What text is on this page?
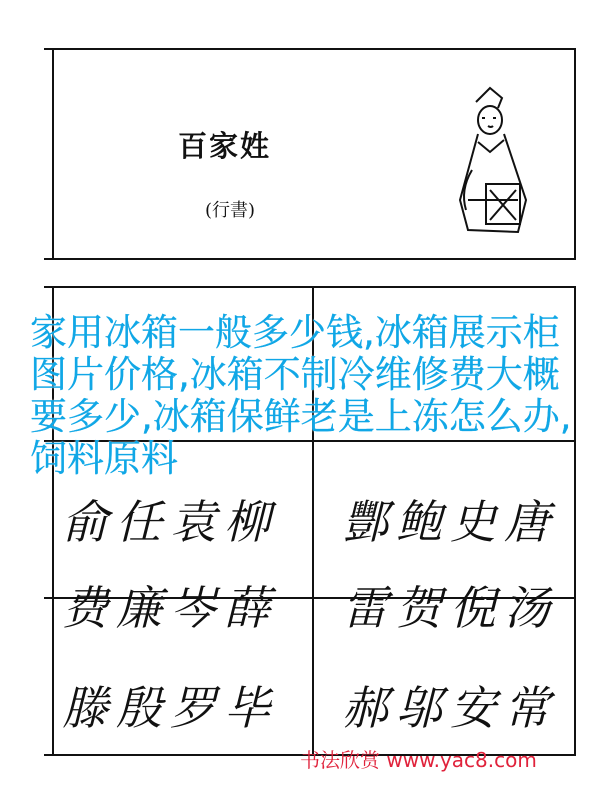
百家姓
(行書)
俞任袁柳 酆鲍史唐
费廉岑薛 雷贺倪汤
滕殷罗毕 郝邬安常
家用冰箱一般多少钱,冰箱展示柜图片价格,冰箱不制冷维修费大概要多少,冰箱保鲜老是上冻怎么办,饲料原料
书法欣赏 www.yac8.com
